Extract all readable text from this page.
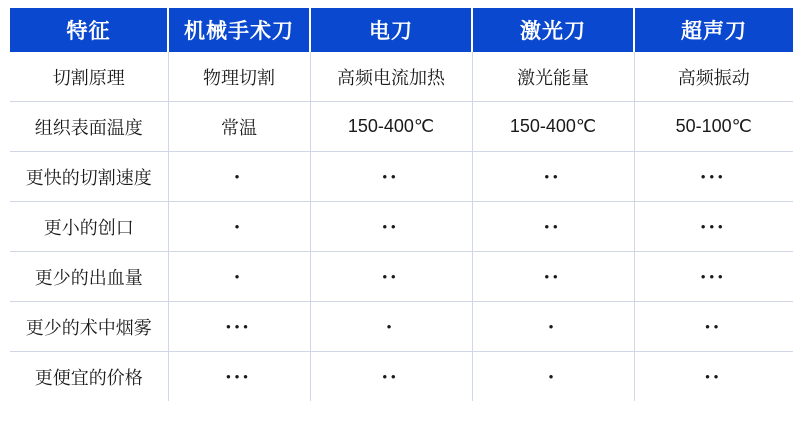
特征	机械手术刀	电刀	激光刀	超声刀
切割原理	物理切割	高频电流加热	激光能量	高频振动
组织表面温度	常温	150-400℃	150-400℃	50-100℃
更快的切割速度	•	••	••	•••
更小的创口	•	••	••	•••
更少的出血量	•	••	••	•••
更少的术中烟雾	•••	•	•	••
更便宜的价格	•••	••	•	••
